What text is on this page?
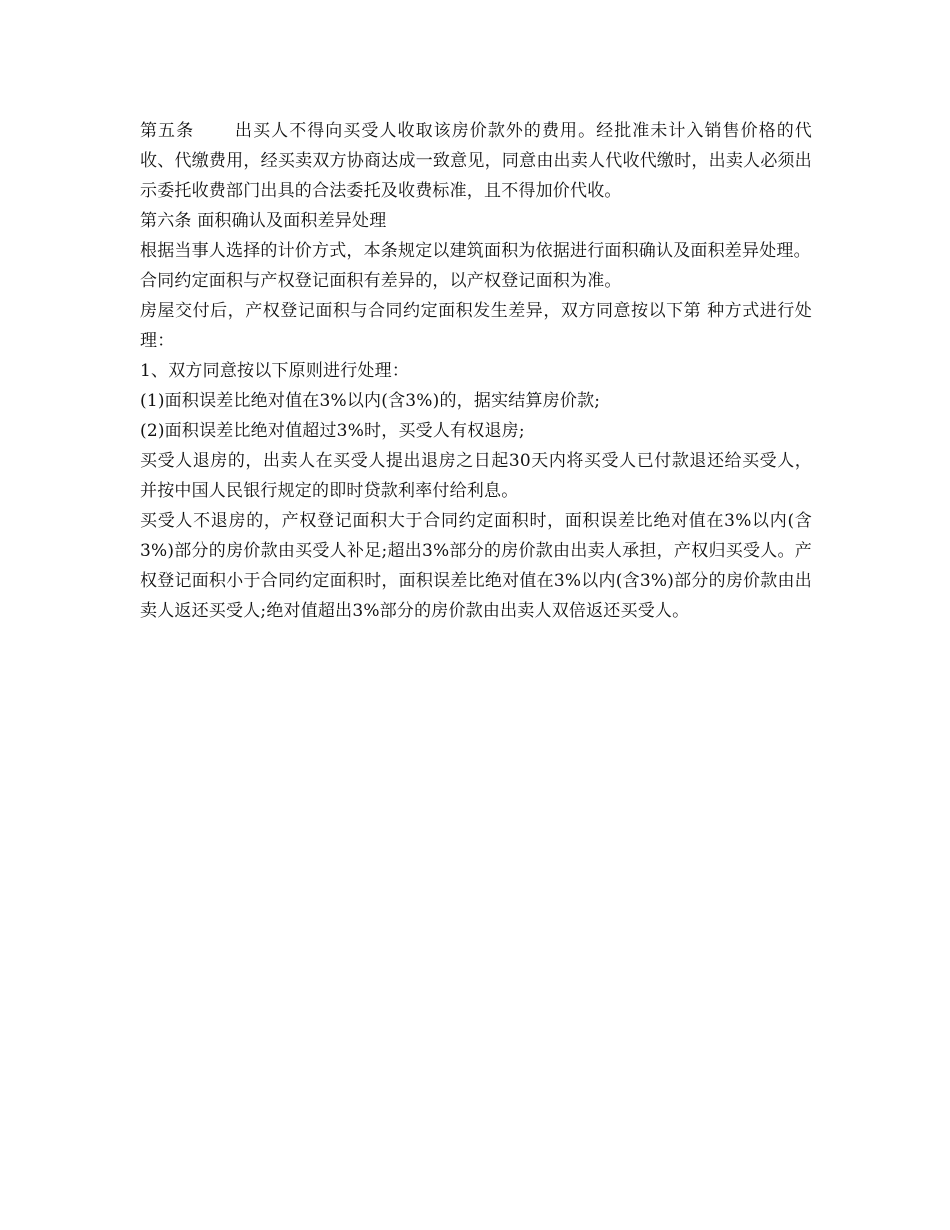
第五条 出买人不得向买受人收取该房价款外的费用。经批准未计入销售价格的代收、代缴费用，经买卖双方协商达成一致意见，同意由出卖人代收代缴时，出卖人必须出示委托收费部门出具的合法委托及收费标准，且不得加价代收。

第六条 面积确认及面积差异处理

根据当事人选择的计价方式，本条规定以建筑面积为依据进行面积确认及面积差异处理。

合同约定面积与产权登记面积有差异的，以产权登记面积为准。

房屋交付后，产权登记面积与合同约定面积发生差异，双方同意按以下第 种方式进行处理：

1、双方同意按以下原则进行处理：

(1)面积误差比绝对值在3%以内(含3%)的，据实结算房价款;

(2)面积误差比绝对值超过3%时，买受人有权退房;

买受人退房的，出卖人在买受人提出退房之日起30天内将买受人已付款退还给买受人，并按中国人民银行规定的即时贷款利率付给利息。

买受人不退房的，产权登记面积大于合同约定面积时，面积误差比绝对值在3%以内(含3%)部分的房价款由买受人补足;超出3%部分的房价款由出卖人承担，产权归买受人。产权登记面积小于合同约定面积时，面积误差比绝对值在3%以内(含3%)部分的房价款由出卖人返还买受人;绝对值超出3%部分的房价款由出卖人双倍返还买受人。
